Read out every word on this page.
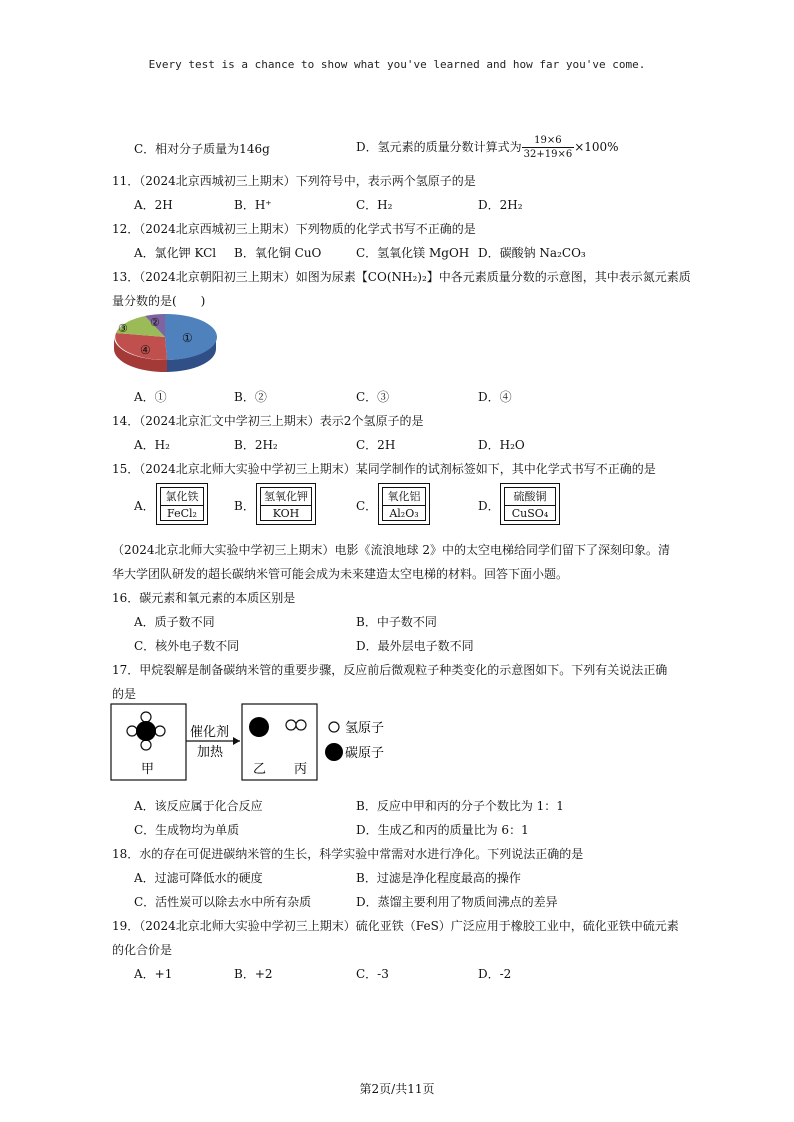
Every test is a chance to show what you've learned and how far you've come.
C．相对分子质量为146g	D．氢元素的质量分数计算式为 $\frac{19\times 6}{32+19\times 6} \times 100\%$
11．（2024北京西城初三上期末）下列符号中，表示两个氢原子的是
A．2H	B．H⁺	C．H₂	D．2H₂
12．（2024北京西城初三上期末）下列物质的化学式书写不正确的是
A．氯化钾 KCl B．氧化铜 CuO	C．氢氧化镁 MgOH D．碳酸钠 Na₂CO₃
13．（2024北京朝阳初三上期末）如图为尿素【CO(NH₂)₂】中各元素质量分数的示意图，其中表示氮元素质
量分数的是(　　)
①
②
③
④
A．①	B．②	C．③	D．④
14．（2024北京汇文中学初三上期末）表示2个氢原子的是
A．H₂	B．2H₂	C．2H	D．H₂O
15．（2024北京北师大实验中学初三上期末）某同学制作的试剂标签如下，其中化学式书写不正确的是
A．
氯化铁
FeCl₂
B．
氢氧化钾
KOH
C．
氧化铝
Al₂O₃
D．
硫酸铜
CuSO₄
（2024北京北师大实验中学初三上期末）电影《流浪地球 2》中的太空电梯给同学们留下了深刻印象。清
华大学团队研发的超长碳纳米管可能会成为未来建造太空电梯的材料。回答下面小题。
16．碳元素和氧元素的本质区别是
A．质子数不同	B．中子数不同
C．核外电子数不同	D．最外层电子数不同
17．甲烷裂解是制备碳纳米管的重要步骤，反应前后微观粒子种类变化的示意图如下。下列有关说法正确
的是
甲
催化剂
加热
乙 丙
氢原子
碳原子
A．该反应属于化合反应	B．反应中甲和丙的分子个数比为 1：1
C．生成物均为单质	D．生成乙和丙的质量比为 6：1
18．水的存在可促进碳纳米管的生长，科学实验中常需对水进行净化。下列说法正确的是
A．过滤可降低水的硬度	B．过滤是净化程度最高的操作
C．活性炭可以除去水中所有杂质	D．蒸馏主要利用了物质间沸点的差异
19．（2024北京北师大实验中学初三上期末）硫化亚铁（FeS）广泛应用于橡胶工业中，硫化亚铁中硫元素
的化合价是
A．+1	B．+2	C．-3	D．-2
第2页/共11页
